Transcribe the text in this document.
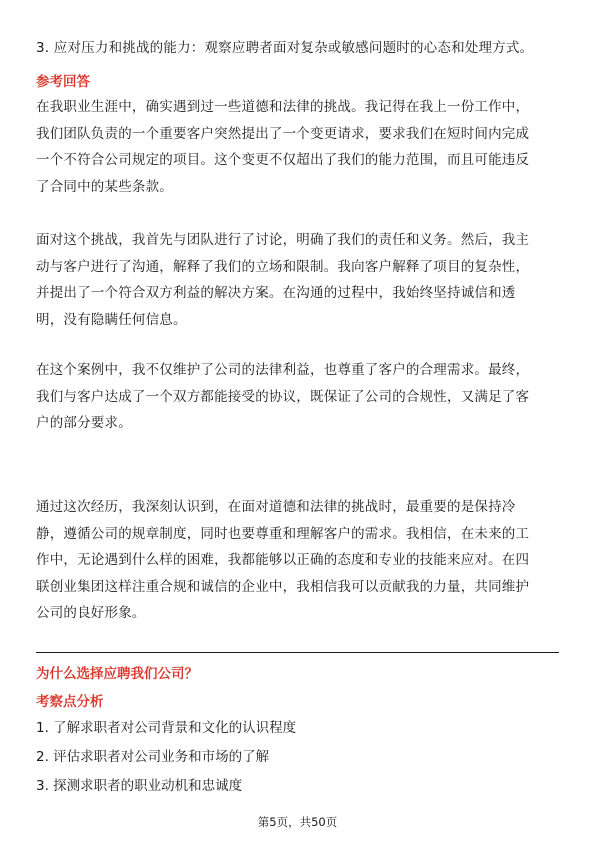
3. 应对压力和挑战的能力：观察应聘者面对复杂或敏感问题时的心态和处理方式。
参考回答
在我职业生涯中，确实遇到过一些道德和法律的挑战。我记得在我上一份工作中，
我们团队负责的一个重要客户突然提出了一个变更请求，要求我们在短时间内完成
一个不符合公司规定的项目。这个变更不仅超出了我们的能力范围，而且可能违反
了合同中的某些条款。
面对这个挑战，我首先与团队进行了讨论，明确了我们的责任和义务。然后，我主
动与客户进行了沟通，解释了我们的立场和限制。我向客户解释了项目的复杂性，
并提出了一个符合双方利益的解决方案。在沟通的过程中，我始终坚持诚信和透
明，没有隐瞒任何信息。
在这个案例中，我不仅维护了公司的法律利益，也尊重了客户的合理需求。最终，
我们与客户达成了一个双方都能接受的协议，既保证了公司的合规性，又满足了客
户的部分要求。
通过这次经历，我深刻认识到，在面对道德和法律的挑战时，最重要的是保持冷
静，遵循公司的规章制度，同时也要尊重和理解客户的需求。我相信，在未来的工
作中，无论遇到什么样的困难，我都能够以正确的态度和专业的技能来应对。在四
联创业集团这样注重合规和诚信的企业中，我相信我可以贡献我的力量，共同维护
公司的良好形象。
为什么选择应聘我们公司？
考察点分析
1. 了解求职者对公司背景和文化的认识程度
2. 评估求职者对公司业务和市场的了解
3. 探测求职者的职业动机和忠诚度
第5页，共50页
